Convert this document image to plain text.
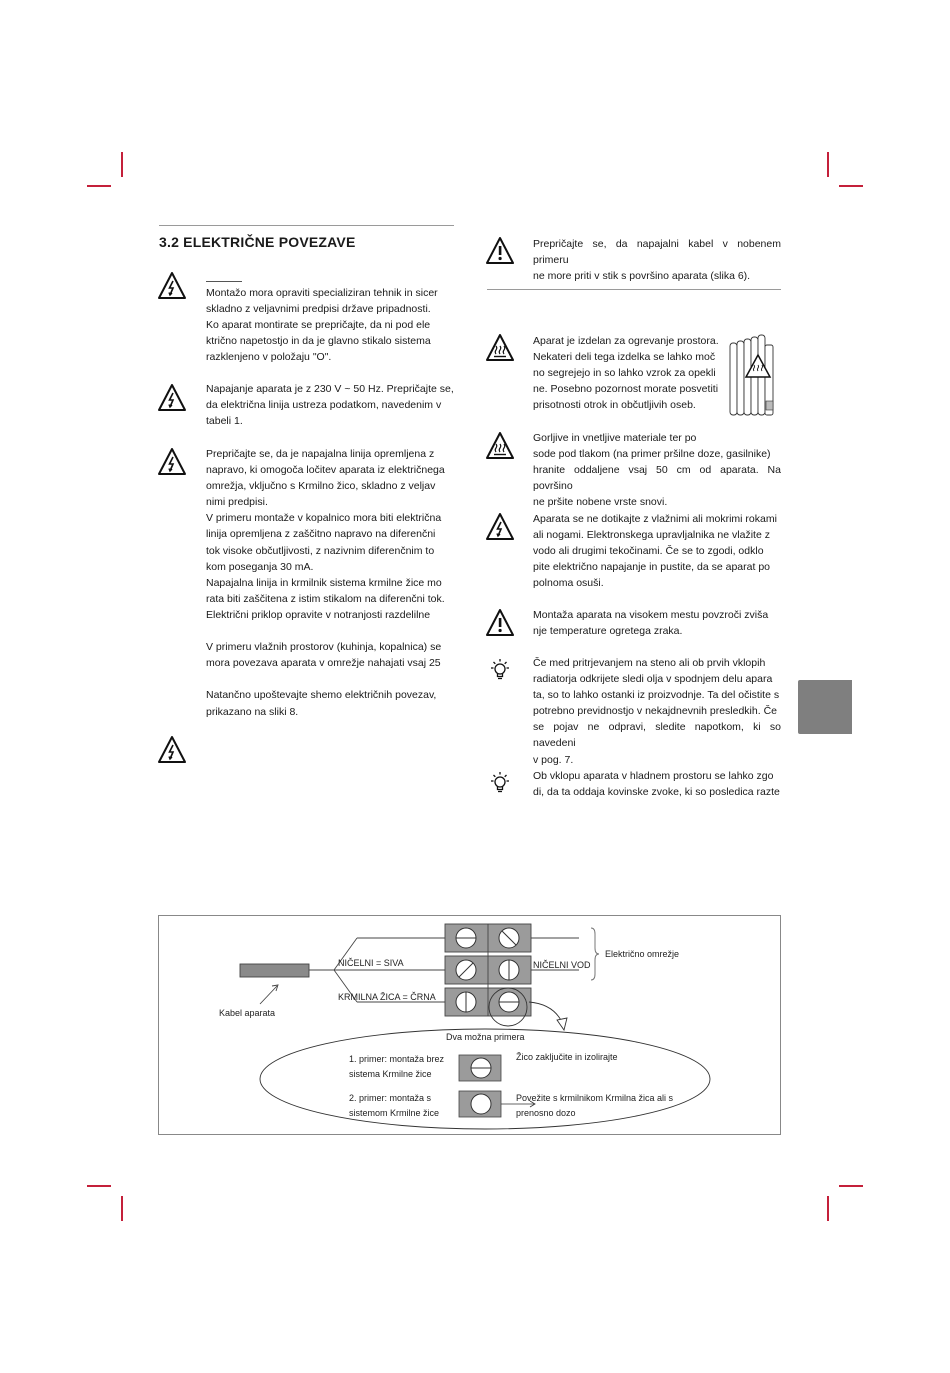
3.2 ELEKTRIČNE POVEZAVE
Montažo mora opraviti specializiran tehnik in sicer
skladno z veljavnimi predpisi države pripadnosti.
Ko aparat montirate se prepričajte, da ni pod ele
ktrično napetostjo in da je glavno stikalo sistema
razklenjeno v položaju "O".
Napajanje aparata je z 230 V ~ 50 Hz. Prepričajte se,
da električna linija ustreza podatkom, navedenim v
tabeli 1.
Prepričajte se, da je napajalna linija opremljena z
napravo, ki omogoča ločitev aparata iz električnega
omrežja, vključno s Krmilno žico, skladno z veljav
nimi predpisi.
V primeru montaže v kopalnico mora biti električna
linija opremljena z zaščitno napravo na diferenčni
tok visoke občutljivosti, z nazivnim diferenčnim to
kom poseganja 30 mA.
Napajalna linija in krmilnik sistema krmilne žice mo
rata biti zaščitena z istim stikalom na diferenčni tok.
Električni priklop opravite v notranjosti razdelilne

V primeru vlažnih prostorov (kuhinja, kopalnica) se
mora povezava aparata v omrežje nahajati vsaj 25

Natančno upoštevajte shemo električnih povezav,
prikazano na sliki 8.
Prepričajte se, da napajalni kabel v nobenem primeru
ne more priti v stik s površino aparata (slika 6).
Aparat je izdelan za ogrevanje prostora.
Nekateri deli tega izdelka se lahko moč
no segrejejo in so lahko vzrok za opekli
ne. Posebno pozornost morate posvetiti
prisotnosti otrok in občutljivih oseb.
Gorljive in vnetljive materiale ter po
sode pod tlakom (na primer pršilne doze, gasilnike)
hranite oddaljene vsaj 50 cm od aparata. Na površino
ne pršite nobene vrste snovi.
Aparata se ne dotikajte z vlažnimi ali mokrimi rokami
ali nogami. Elektronskega upravljalnika ne vlažite z
vodo ali drugimi tekočinami. Če se to zgodi, odklo
pite električno napajanje in pustite, da se aparat po
polnoma osuši.
Montaža aparata na visokem mestu povzroči zviša
nje temperature ogretega zraka.
Če med pritrjevanjem na steno ali ob prvih vklopih
radiatorja odkrijete sledi olja v spodnjem delu apara
ta, so to lahko ostanki iz proizvodnje. Ta del očistite s
potrebno previdnostjo v nekajdnevnih presledkih. Če
se pojav ne odpravi, sledite napotkom, ki so navedeni
v pog. 7.
Ob vklopu aparata v hladnem prostoru se lahko zgo
di, da ta oddaja kovinske zvoke, ki so posledica razte
Kabel aparata
NIČELNI = SIVA
KRMILNA ŽICA = ČRNA
NIČELNI VOD
Električno omrežje
Dva možna primera
1. primer: montaža brez
sistema Krmilne žice
Žico zaključite in izolirajte
2. primer: montaža s
sistemom Krmilne žice
Povežite s krmilnikom Krmilna žica ali s
prenosno dozo
